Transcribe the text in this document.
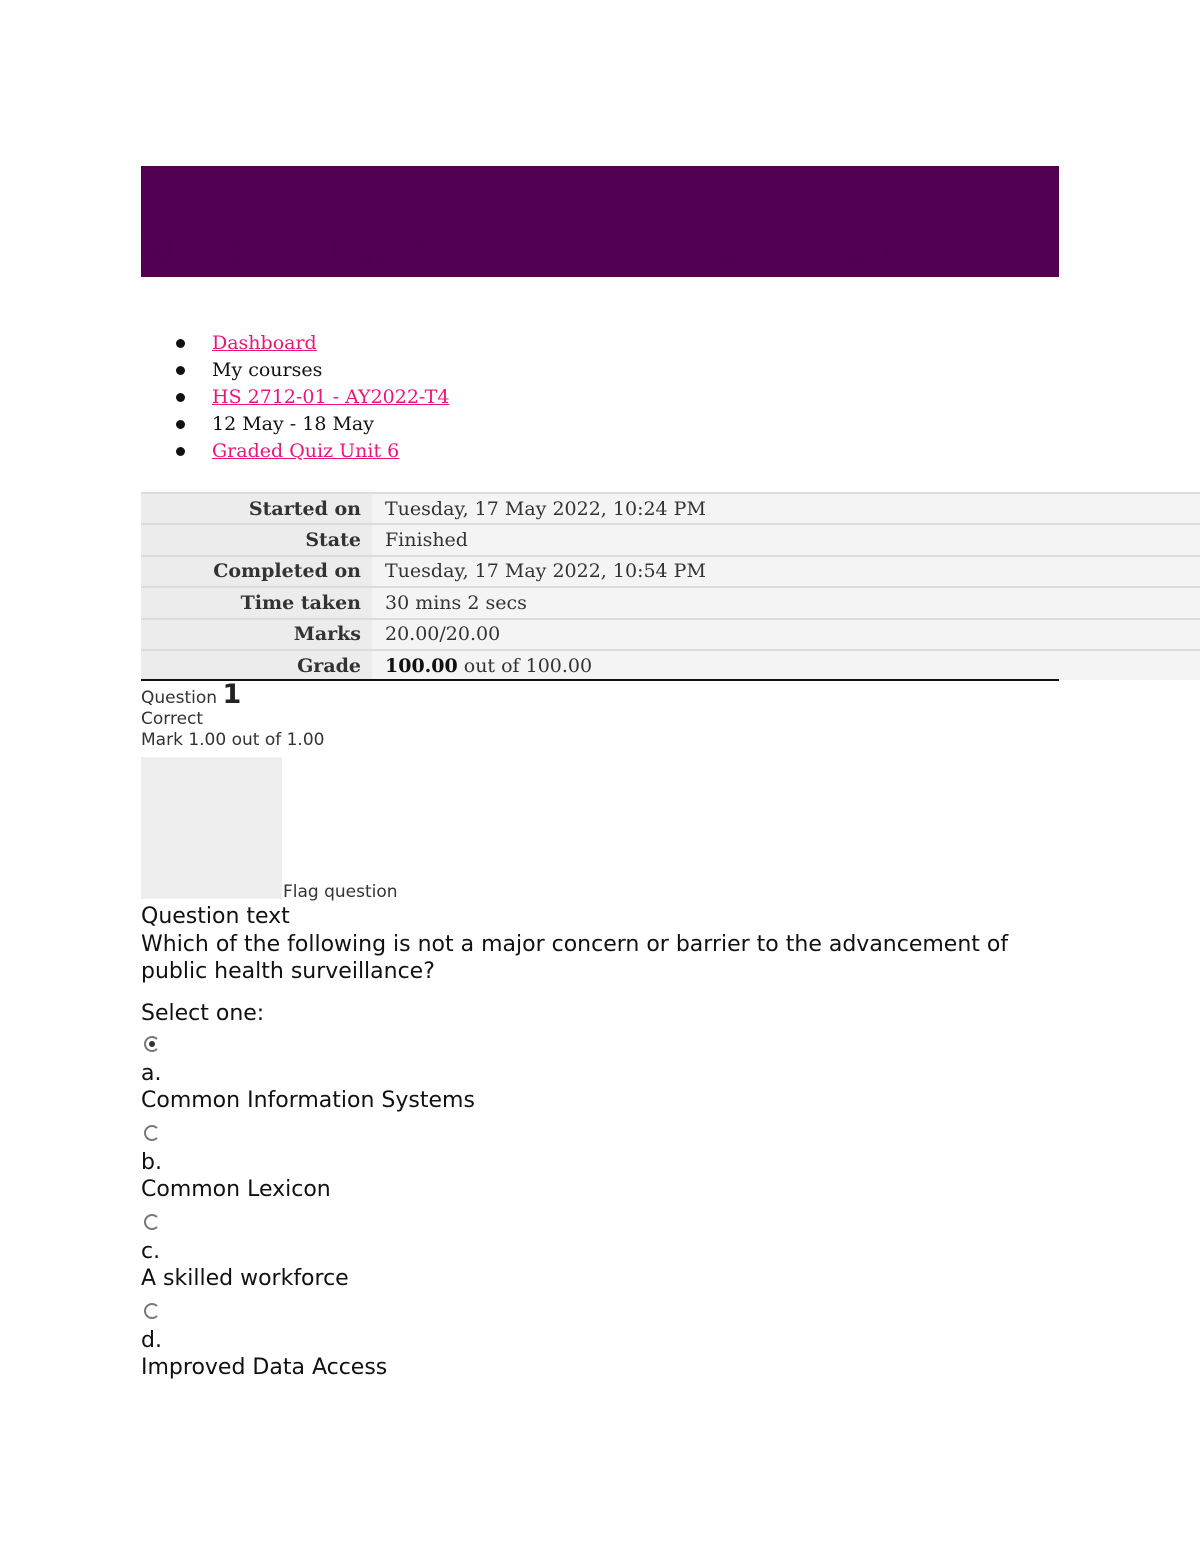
HS 2712-01 Health Science 2 - AY2022-T4
Dashboard
My courses
HS 2712-01 - AY2022-T4
12 May - 18 May
Graded Quiz Unit 6
Started on	Tuesday, 17 May 2022, 10:24 PM
State	Finished
Completed on	Tuesday, 17 May 2022, 10:54 PM
Time taken	30 mins 2 secs
Marks	20.00/20.00
Grade	100.00 out of 100.00
Question 1
Correct
Mark 1.00 out of 1.00
Flag question
Question text

Which of the following is not a major concern or barrier to the advancement of public health surveillance?

Select one:
a.
Common Information Systems
b.
Common Lexicon
c.
A skilled workforce
d.
Improved Data Access
